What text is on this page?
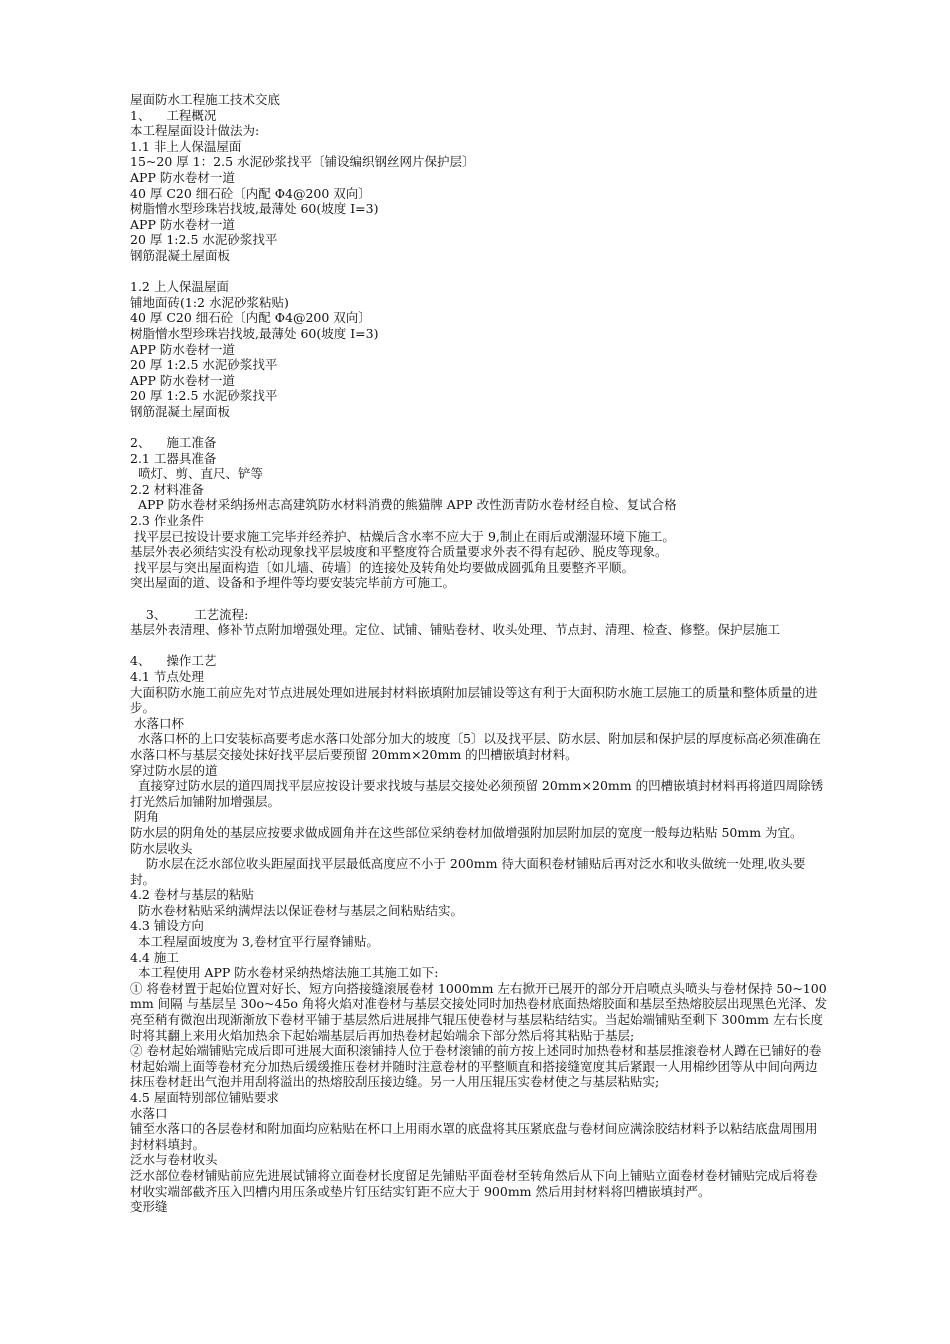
屋面防水工程施工技术交底

1、    工程概况

本工程屋面设计做法为:

1.1 非上人保温屋面

15~20 厚 1：2.5 水泥砂浆找平〔铺设编织钢丝网片保护层〕

APP 防水卷材一道

40 厚 C20 细石砼〔内配 Φ4@200 双向〕

树脂憎水型珍珠岩找坡,最薄处 60(坡度 I=3)

APP 防水卷材一道

20 厚 1:2.5 水泥砂浆找平

钢筋混凝土屋面板

1.2 上人保温屋面

铺地面砖(1:2 水泥砂浆粘贴)

40 厚 C20 细石砼〔内配 Φ4@200 双向〕

树脂憎水型珍珠岩找坡,最薄处 60(坡度 I=3)

APP 防水卷材一道

20 厚 1:2.5 水泥砂浆找平

APP 防水卷材一道

20 厚 1:2.5 水泥砂浆找平

钢筋混凝土屋面板

2、    施工准备

2.1 工器具准备

喷灯、剪、直尺、铲等

2.2 材料准备

APP 防水卷材采纳扬州志高建筑防水材料消费的熊猫牌 APP 改性沥青防水卷材经自检、复试合格

2.3 作业条件

找平层已按设计要求施工完毕并经养护、枯燥后含水率不应大于 9,制止在雨后或潮湿环境下施工。

基层外表必须结实没有松动现象找平层坡度和平整度符合质量要求外表不得有起砂、脱皮等现象。

找平层与突出屋面构造〔如儿墙、砖墙〕的连接处及转角处均要做成圆弧角且要整齐平顺。

突出屋面的道、设备和予埋件等均要安装完毕前方可施工。

3、       工艺流程:

基层外表清理、修补节点附加增强处理。定位、试铺、铺贴卷材、收头处理、节点封、清理、检查、修整。保护层施工

4、    操作工艺

4.1 节点处理

大面积防水施工前应先对节点进展处理如进展封材料嵌填附加层铺设等这有利于大面积防水施工层施工的质量和整体质量的进步。

水落口杯

水落口杯的上口安装标高要考虑水落口处部分加大的坡度〔5〕以及找平层、防水层、附加层和保护层的厚度标高必须准确在水落口杯与基层交接处抹好找平层后要预留 20mm×20mm 的凹槽嵌填封材料。

穿过防水层的道

直接穿过防水层的道四周找平层应按设计要求找坡与基层交接处必须预留 20mm×20mm 的凹槽嵌填封材料再将道四周除锈打光然后加铺附加增强层。

阴角

防水层的阴角处的基层应按要求做成圆角并在这些部位采纳卷材加做增强附加层附加层的宽度一般每边粘贴 50mm 为宜。

防水层收头

防水层在泛水部位收头距屋面找平层最低高度应不小于 200mm 待大面积卷材铺贴后再对泛水和收头做统一处理,收头要封。

4.2 卷材与基层的粘贴

防水卷材粘贴采纳满焊法以保证卷材与基层之间粘贴结实。

4.3 铺设方向

本工程屋面坡度为 3,卷材宜平行屋脊铺贴。

4.4 施工

本工程使用 APP 防水卷材采纳热熔法施工其施工如下:

① 将卷材置于起始位置对好长、短方向搭接缝滚展卷材 1000mm 左右掀开已展开的部分开启喷点头喷头与卷材保持 50~100mm 间隔 与基层呈 30o~45o 角将火焰对准卷材与基层交接处同时加热卷材底面热熔胶面和基层至热熔胶层出现黑色光泽、发亮至稍有微泡出现渐渐放下卷材平铺于基层然后进展排气辊压使卷材与基层粘结结实。当起始端铺贴至剩下 300mm 左右长度时将其翻上来用火焰加热余下起始端基层后再加热卷材起始端余下部分然后将其粘贴于基层;

② 卷材起始端铺贴完成后即可进展大面积滚铺持人位于卷材滚铺的前方按上述同时加热卷材和基层推滚卷材人蹲在已铺好的卷材起始端上面等卷材充分加热后缓缓推压卷材并随时注意卷材的平整顺直和搭接缝宽度其后紧跟一人用棉纱团等从中间向两边抹压卷材赶出气泡并用刮将溢出的热熔胶刮压接边缝。另一人用压辊压实卷材使之与基层粘贴实;

4.5 屋面特别部位铺贴要求

水落口

铺至水落口的各层卷材和附加面均应粘贴在杯口上用雨水罩的底盘将其压紧底盘与卷材间应满涂胶结材料予以粘结底盘周围用封材料填封。

泛水与卷材收头

泛水部位卷材铺贴前应先进展试铺将立面卷材长度留足先铺贴平面卷材至转角然后从下向上铺贴立面卷材卷材铺贴完成后将卷材收实端部截齐压入凹槽内用压条或垫片钉压结实钉距不应大于 900mm 然后用封材料将凹槽嵌填封严。

变形缝
